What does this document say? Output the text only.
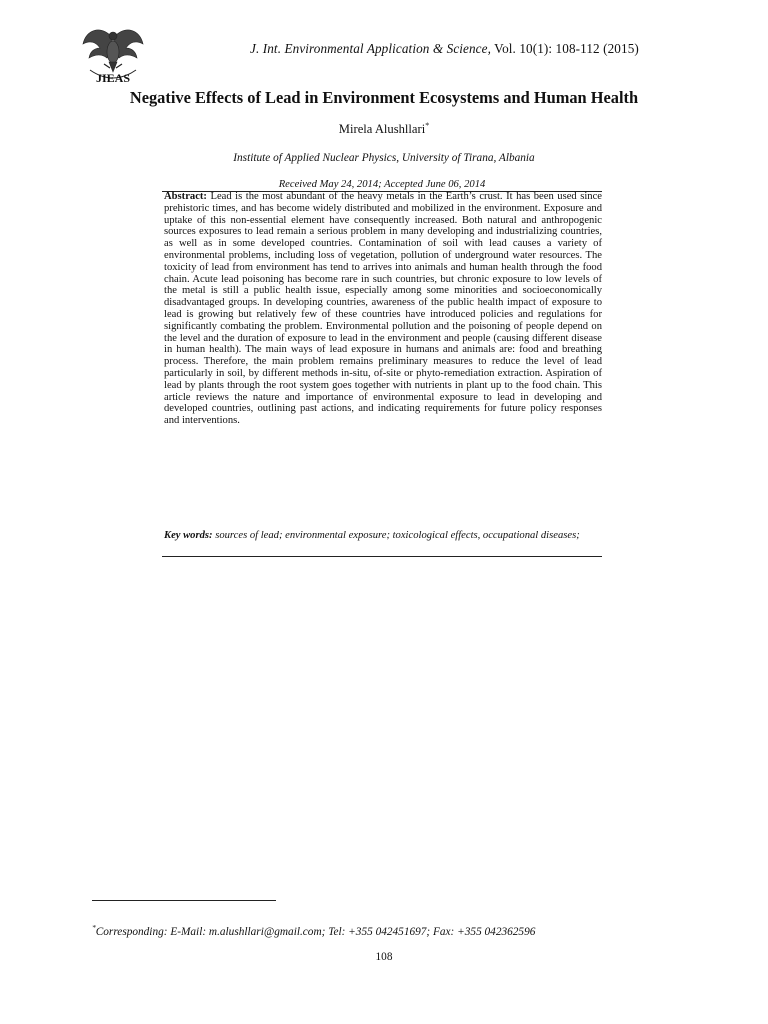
JIEAS
J. Int. Environmental Application & Science, Vol. 10(1): 108-112 (2015)
Negative Effects of Lead in Environment Ecosystems and Human Health
Mirela Alushllari*
Institute of Applied Nuclear Physics, University of Tirana, Albania
Received May 24, 2014; Accepted June 06, 2014
Abstract: Lead is the most abundant of the heavy metals in the Earth’s crust. It has been used since prehistoric times, and has become widely distributed and mobilized in the environment. Exposure and uptake of this non-essential element have consequently increased. Both natural and anthropogenic sources exposures to lead remain a serious problem in many developing and industrializing countries, as well as in some developed countries. Contamination of soil with lead causes a variety of environmental problems, including loss of vegetation, pollution of underground water resources. The toxicity of lead from environment has tend to arrives into animals and human health through the food chain. Acute lead poisoning has become rare in such countries, but chronic exposure to low levels of the metal is still a public health issue, especially among some minorities and socioeconomically disadvantaged groups. In developing countries, awareness of the public health impact of exposure to lead is growing but relatively few of these countries have introduced policies and regulations for significantly combating the problem. Environmental pollution and the poisoning of people depend on the level and the duration of exposure to lead in the environment and people (causing different disease in human health). The main ways of lead exposure in humans and animals are: food and breathing process. Therefore, the main problem remains preliminary measures to reduce the level of lead particularly in soil, by different methods in-situ, of-site or phyto-remediation extraction. Aspiration of lead by plants through the root system goes together with nutrients in plant up to the food chain. This article reviews the nature and importance of environmental exposure to lead in developing and developed countries, outlining past actions, and indicating requirements for future policy responses and interventions.
Key words: sources of lead; environmental exposure; toxicological effects, occupational diseases;
*Corresponding: E-Mail: m.alushllari@gmail.com; Tel: +355 042451697; Fax: +355 042362596
108
